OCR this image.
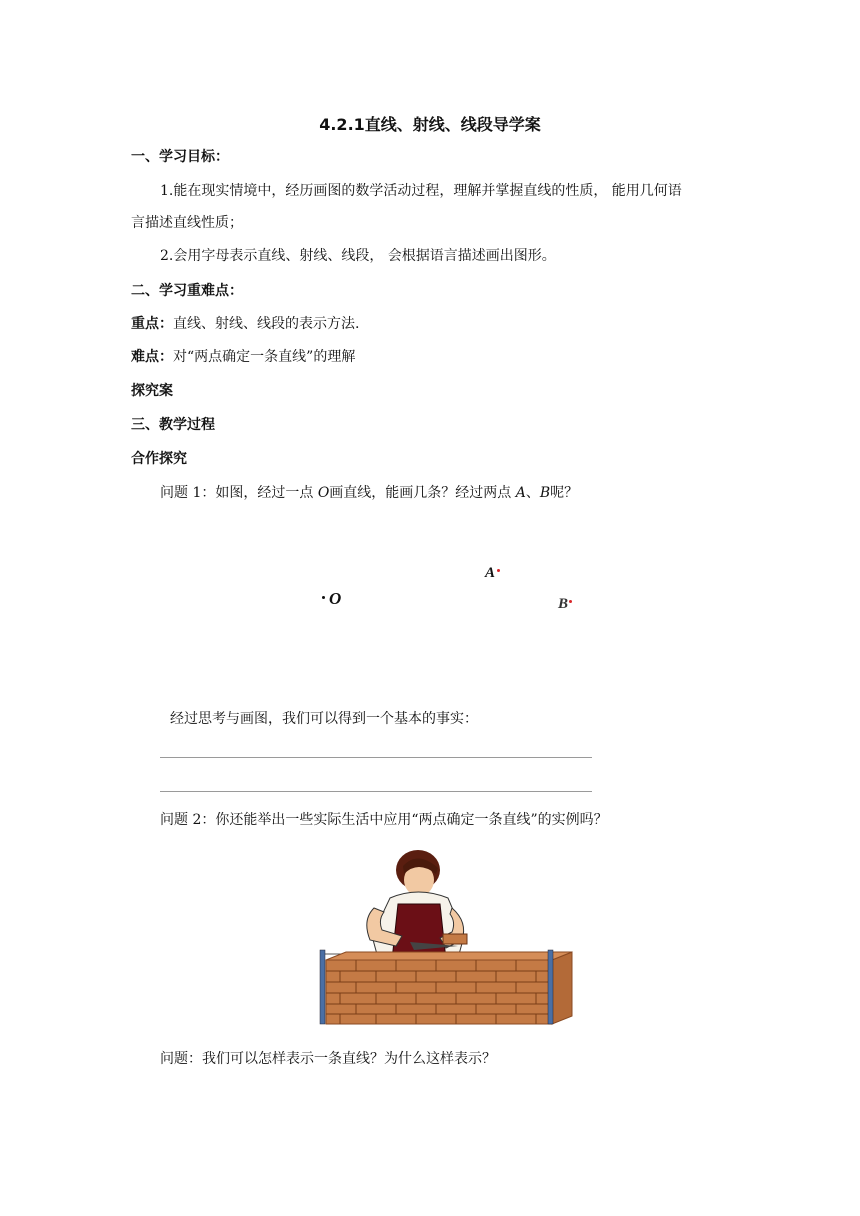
4.2.1直线、射线、线段导学案
一、学习目标：
1.能在现实情境中，经历画图的数学活动过程，理解并掌握直线的性质， 能用几何语
言描述直线性质；
2.会用字母表示直线、射线、线段， 会根据语言描述画出图形。
二、学习重难点：
重点：直线、射线、线段的表示方法.
难点：对“两点确定一条直线”的理解
探究案
三、教学过程
合作探究
问题 1：如图，经过一点 O画直线，能画几条？经过两点 A、B呢？
O
A
B
经过思考与画图，我们可以得到一个基本的事实：
问题 2：你还能举出一些实际生活中应用“两点确定一条直线”的实例吗？
问题：我们可以怎样表示一条直线？为什么这样表示？
